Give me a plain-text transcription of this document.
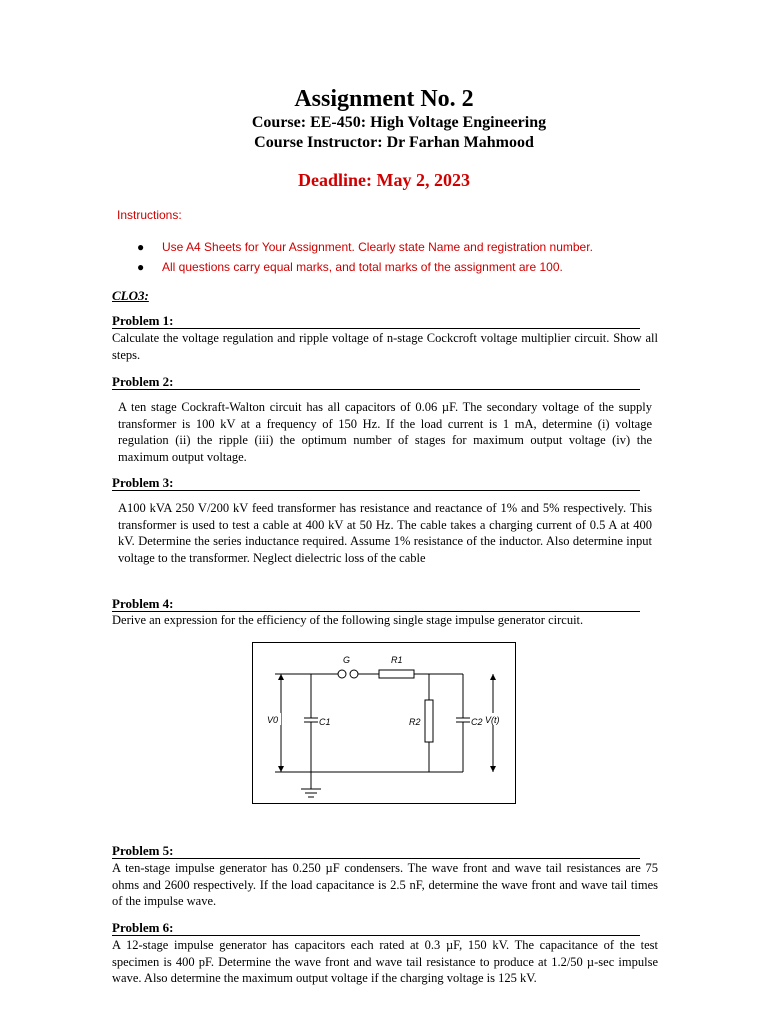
Assignment No. 2
Course: EE-450: High Voltage Engineering
Course Instructor: Dr Farhan Mahmood
Deadline: May 2, 2023
Instructions:
● Use A4 Sheets for Your Assignment. Clearly state Name and registration number.
● All questions carry equal marks, and total marks of the assignment are 100.
CLO3:
Problem 1:
Calculate the voltage regulation and ripple voltage of n-stage Cockcroft voltage multiplier circuit. Show all steps.
Problem 2:
A ten stage Cockraft-Walton circuit has all capacitors of 0.06 µF. The secondary voltage of the supply transformer is 100 kV at a frequency of 150 Hz. If the load current is 1 mA, determine (i) voltage regulation (ii) the ripple (iii) the optimum number of stages for maximum output voltage (iv) the maximum output voltage.
Problem 3:
A100 kVA 250 V/200 kV feed transformer has resistance and reactance of 1% and 5% respectively. This transformer is used to test a cable at 400 kV at 50 Hz. The cable takes a charging current of 0.5 A at 400 kV. Determine the series inductance required. Assume 1% resistance of the inductor. Also determine input voltage to the transformer. Neglect dielectric loss of the cable
Problem 4:
Derive an expression for the efficiency of the following single stage impulse generator circuit.
G	R1
R2
C1	C2
V0	V(t)
Problem 5:
A ten-stage impulse generator has 0.250 µF condensers. The wave front and wave tail resistances are 75 ohms and 2600 respectively. If the load capacitance is 2.5 nF, determine the wave front and wave tail times of the impulse wave.
Problem 6:
A 12-stage impulse generator has capacitors each rated at 0.3 µF, 150 kV. The capacitance of the test specimen is 400 pF. Determine the wave front and wave tail resistance to produce at 1.2/50 µ-sec impulse wave. Also determine the maximum output voltage if the charging voltage is 125 kV.
